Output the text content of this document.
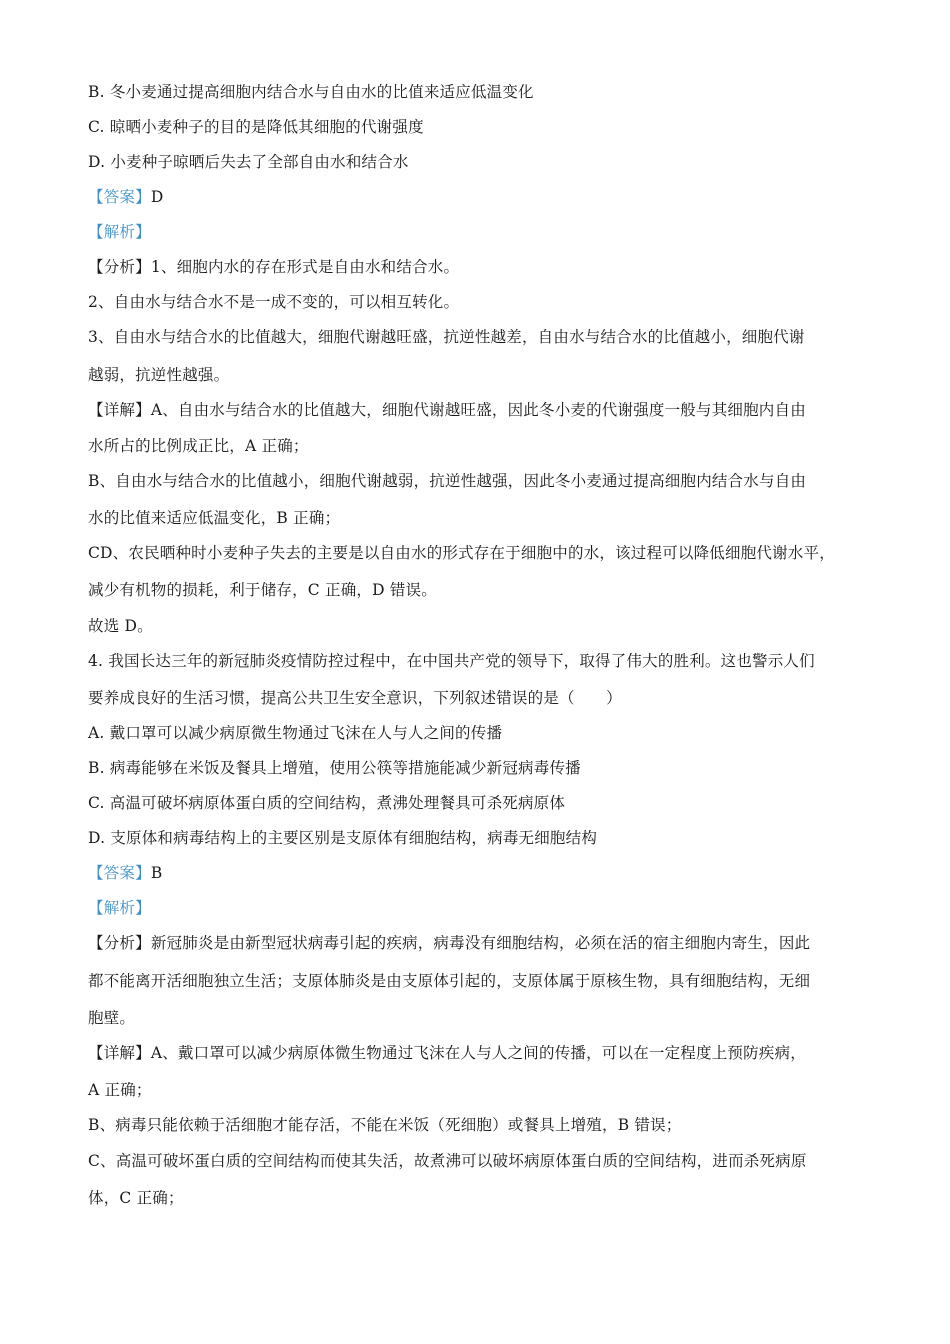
B. 冬小麦通过提高细胞内结合水与自由水的比值来适应低温变化
C. 晾晒小麦种子的目的是降低其细胞的代谢强度
D. 小麦种子晾晒后失去了全部自由水和结合水
【答案】D
【解析】
【分析】1、细胞内水的存在形式是自由水和结合水。
2、自由水与结合水不是一成不变的，可以相互转化。
3、自由水与结合水的比值越大，细胞代谢越旺盛，抗逆性越差，自由水与结合水的比值越小，细胞代谢
越弱，抗逆性越强。
【详解】A、自由水与结合水的比值越大，细胞代谢越旺盛，因此冬小麦的代谢强度一般与其细胞内自由
水所占的比例成正比，A 正确；
B、自由水与结合水的比值越小，细胞代谢越弱，抗逆性越强，因此冬小麦通过提高细胞内结合水与自由
水的比值来适应低温变化，B 正确；
CD、农民晒种时小麦种子失去的主要是以自由水的形式存在于细胞中的水，该过程可以降低细胞代谢水平，
减少有机物的损耗，利于储存，C 正确，D 错误。
故选 D。
4. 我国长达三年的新冠肺炎疫情防控过程中，在中国共产党的领导下，取得了伟大的胜利。这也警示人们
要养成良好的生活习惯，提高公共卫生安全意识，下列叙述错误的是（　　）
A. 戴口罩可以减少病原微生物通过飞沫在人与人之间的传播
B. 病毒能够在米饭及餐具上增殖，使用公筷等措施能减少新冠病毒传播
C. 高温可破坏病原体蛋白质的空间结构，煮沸处理餐具可杀死病原体
D. 支原体和病毒结构上的主要区别是支原体有细胞结构，病毒无细胞结构
【答案】B
【解析】
【分析】新冠肺炎是由新型冠状病毒引起的疾病，病毒没有细胞结构，必须在活的宿主细胞内寄生，因此
都不能离开活细胞独立生活；支原体肺炎是由支原体引起的，支原体属于原核生物，具有细胞结构，无细
胞壁。
【详解】A、戴口罩可以减少病原体微生物通过飞沫在人与人之间的传播，可以在一定程度上预防疾病，
A 正确；
B、病毒只能依赖于活细胞才能存活，不能在米饭（死细胞）或餐具上增殖，B 错误；
C、高温可破坏蛋白质的空间结构而使其失活，故煮沸可以破坏病原体蛋白质的空间结构，进而杀死病原
体，C 正确；
